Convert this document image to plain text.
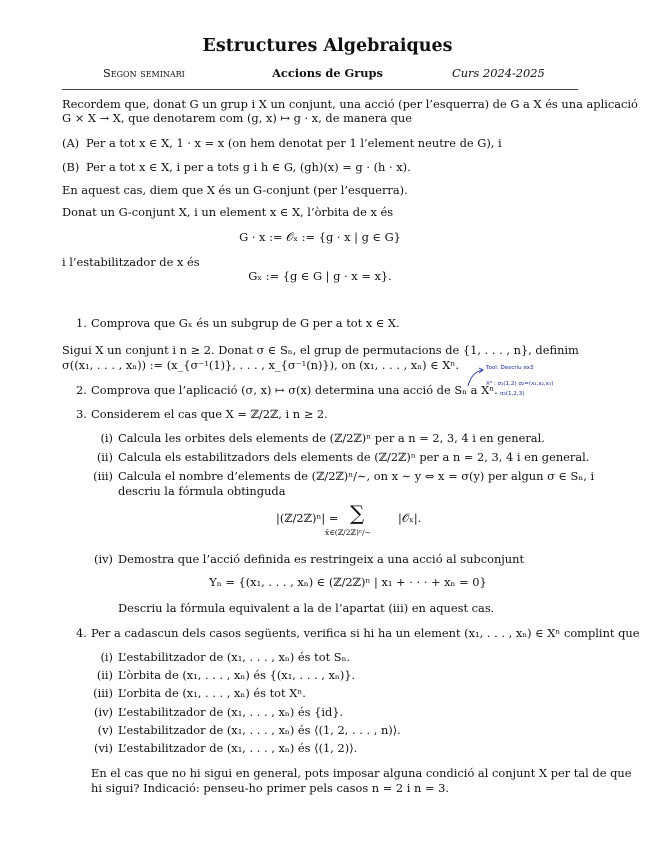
Estructures Algebraiques
Segon seminari	Accions de Grups	Curs 2024-2025
Recordem que, donat G un grup i X un conjunt, una acció (per l’esquerra) de G a X és una aplicació
G × X → X, que denotarem com (g, x) ↦ g · x, de manera que
(A) Per a tot x ∈ X, 1 · x = x (on hem denotat per 1 l’element neutre de G), i
(B) Per a tot x ∈ X, i per a tots g i h ∈ G, (gh)(x) = g · (h · x).
En aquest cas, diem que X és un G-conjunt (per l’esquerra).
Donat un G-conjunt X, i un element x ∈ X, l’òrbita de x és
G · x := 𝒪ₓ := {g · x | g ∈ G}
i l’estabilitzador de x és
Gₓ := {g ∈ G | g · x = x}.
1. Comprova que Gₓ és un subgrup de G per a tot x ∈ X.
Sigui X un conjunt i n ≥ 2. Donat σ ∈ Sₙ, el grup de permutacions de {1, . . . , n}, definim
σ((x₁, . . . , xₙ)) := (x_{σ⁻¹(1)}, . . . , x_{σ⁻¹(n)}), on (x₁, . . . , xₙ) ∈ Xⁿ.
2. Comprova que l’aplicació (σ, x) ↦ σ(x) determina una acció de Sₙ a Xⁿ.
Tool: Descriu ex3
X³ : σ₁(1,2) σ₂=(x₁,x₂,x₃)
σ₃(1,2,3)
3. Considerem el cas que X = ℤ/2ℤ, i n ≥ 2.
(i) Calcula les orbites dels elements de (ℤ/2ℤ)ⁿ per a n = 2, 3, 4 i en general.
(ii) Calcula els estabilitzadors dels elements de (ℤ/2ℤ)ⁿ per a n = 2, 3, 4 i en general.
(iii) Calcula el nombre d’elements de (ℤ/2ℤ)ⁿ/∼, on x ∼ y ⇔ x = σ(y) per algun σ ∈ Sₙ, i
descriu la fórmula obtinguda
|(ℤ/2ℤ)ⁿ| = ∑
x̄∈(ℤ/2ℤ)ⁿ/∼
|𝒪ₓ|.
(iv) Demostra que l’acció definida es restringeix a una acció al subconjunt
Yₙ = {(x₁, . . . , xₙ) ∈ (ℤ/2ℤ)ⁿ | x₁ + · · · + xₙ = 0}
Descriu la fórmula equivalent a la de l’apartat (iii) en aquest cas.
4. Per a cadascun dels casos següents, verifica si hi ha un element (x₁, . . . , xₙ) ∈ Xⁿ complint que
(i) L’estabilitzador de (x₁, . . . , xₙ) és tot Sₙ.
(ii) L’òrbita de (x₁, . . . , xₙ) és {(x₁, . . . , xₙ)}.
(iii) L’orbita de (x₁, . . . , xₙ) és tot Xⁿ.
(iv) L’estabilitzador de (x₁, . . . , xₙ) és {id}.
(v) L’estabilitzador de (x₁, . . . , xₙ) és ⟨(1, 2, . . . , n)⟩.
(vi) L’estabilitzador de (x₁, . . . , xₙ) és ⟨(1, 2)⟩.
En el cas que no hi sigui en general, pots imposar alguna condició al conjunt X per tal de que
hi sigui? Indicació: penseu-ho primer pels casos n = 2 i n = 3.
